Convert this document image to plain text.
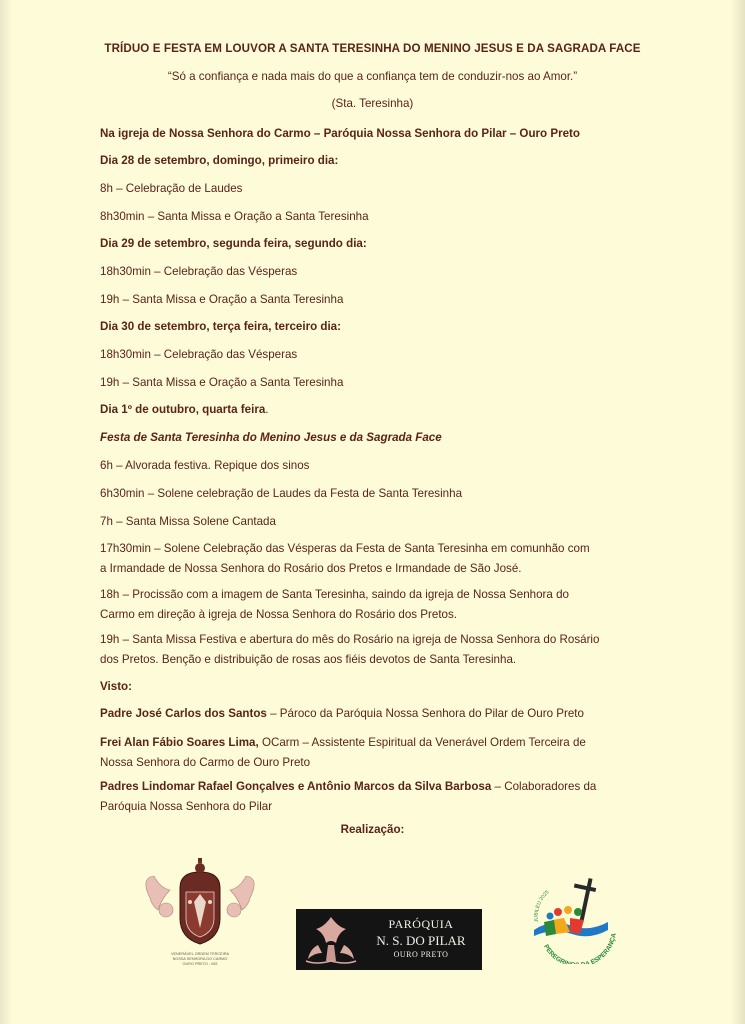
TRÍDUO E FESTA EM LOUVOR A SANTA TERESINHA DO MENINO JESUS E DA SAGRADA FACE
“Só a confiança e nada mais do que a confiança tem de conduzir-nos ao Amor.”
(Sta. Teresinha)
Na igreja de Nossa Senhora do Carmo – Paróquia Nossa Senhora do Pilar – Ouro Preto
Dia 28 de setembro, domingo, primeiro dia:
8h – Celebração de Laudes
8h30min – Santa Missa e Oração a Santa Teresinha
Dia 29 de setembro, segunda feira, segundo dia:
18h30min – Celebração das Vésperas
19h – Santa Missa e Oração a Santa Teresinha
Dia 30 de setembro, terça feira, terceiro dia:
18h30min – Celebração das Vésperas
19h – Santa Missa e Oração a Santa Teresinha
Dia 1º de outubro, quarta feira.
Festa de Santa Teresinha do Menino Jesus e da Sagrada Face
6h – Alvorada festiva. Repique dos sinos
6h30min – Solene celebração de Laudes da Festa de Santa Teresinha
7h – Santa Missa Solene Cantada
17h30min – Solene Celebração das Vésperas da Festa de Santa Teresinha em comunhão com
a Irmandade de Nossa Senhora do Rosário dos Pretos e Irmandade de São José.
18h – Procissão com a imagem de Santa Teresinha, saindo da igreja de Nossa Senhora do
Carmo em direção à igreja de Nossa Senhora do Rosário dos Pretos.
19h – Santa Missa Festiva e abertura do mês do Rosário na igreja de Nossa Senhora do Rosário
dos Pretos. Benção e distribuição de rosas aos fiéis devotos de Santa Teresinha.
Visto:
Padre José Carlos dos Santos – Pároco da Paróquia Nossa Senhora do Pilar de Ouro Preto
Frei Alan Fábio Soares Lima, OCarm – Assistente Espiritual da Venerável Ordem Terceira de
Nossa Senhora do Carmo de Ouro Preto
Padres Lindomar Rafael Gonçalves e Antônio Marcos da Silva Barbosa – Colaboradores da
Paróquia Nossa Senhora do Pilar
Realização:
VENERÁVEL ORDEM TERCEIRA
NOSSA SENHORA DO CARMO
OURO PRETO - MG
PARÓQUIA
N. S. DO PILAR
OURO PRETO
JUBILEU 2025
PEREGRI ESPERANÇA
